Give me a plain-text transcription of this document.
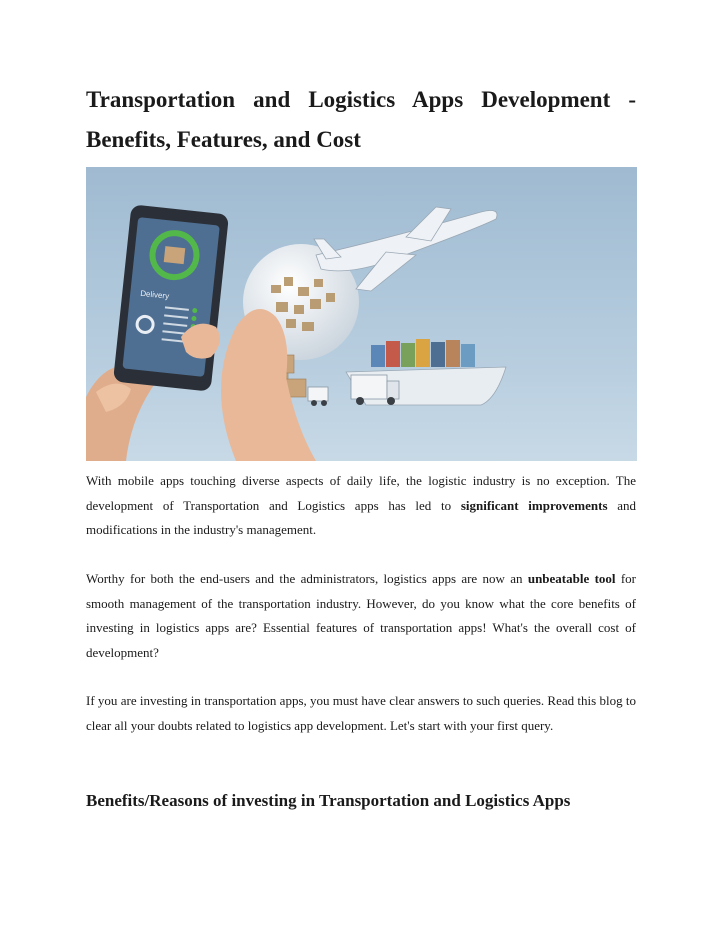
Transportation and Logistics Apps Development - Benefits, Features, and Cost
Delivery

With mobile apps touching diverse aspects of daily life, the logistic industry is no exception. The development of Transportation and Logistics apps has led to significant improvements and modifications in the industry's management.

Worthy for both the end-users and the administrators, logistics apps are now an unbeatable tool for smooth management of the transportation industry. However, do you know what the core benefits of investing in logistics apps are? Essential features of transportation apps! What's the overall cost of development?

If you are investing in transportation apps, you must have clear answers to such queries. Read this blog to clear all your doubts related to logistics app development. Let's start with your first query.

Benefits/Reasons of investing in Transportation and Logistics Apps
